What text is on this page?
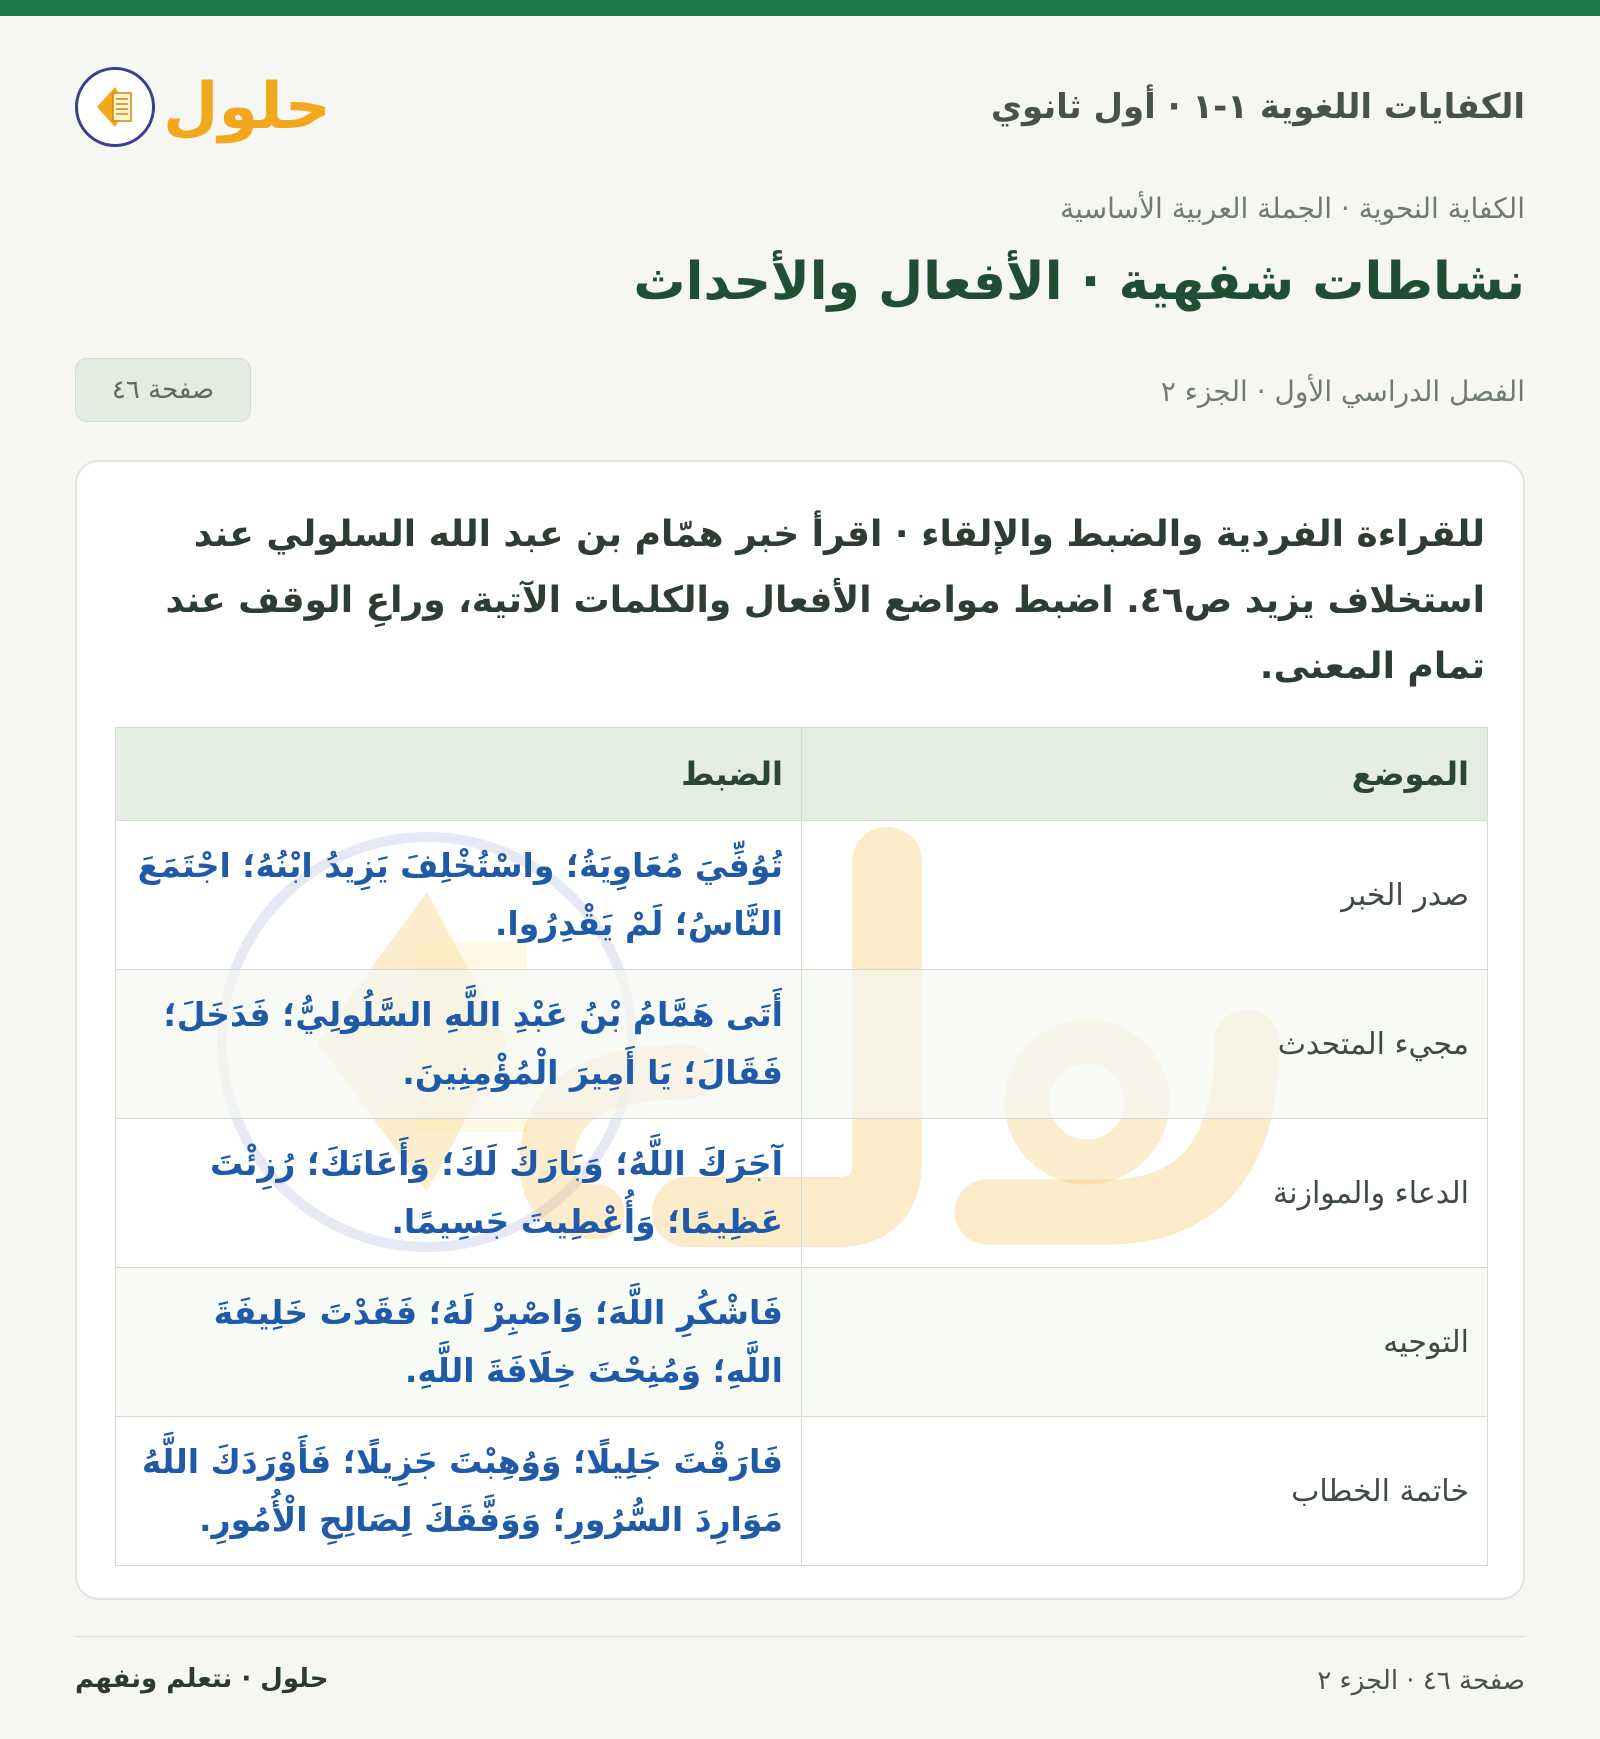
الكفايات اللغوية ١-١ · أول ثانوي
حلول
الكفاية النحوية · الجملة العربية الأساسية
نشاطات شفهية · الأفعال والأحداث
الفصل الدراسي الأول · الجزء ٢
صفحة ٤٦
للقراءة الفردية والضبط والإلقاء · اقرأ خبر همّام بن عبد الله السلولي عند استخلاف يزيد ص٤٦. اضبط مواضع الأفعال والكلمات الآتية، وراعِ الوقف عند تمام المعنى.
الموضع	الضبط
صدر الخبر	تُوُفِّيَ مُعَاوِيَةُ؛ واسْتُخْلِفَ يَزِيدُ ابْنُهُ؛ اجْتَمَعَ النَّاسُ؛ لَمْ يَقْدِرُوا.
مجيء المتحدث	أَتَى هَمَّامُ بْنُ عَبْدِ اللَّهِ السَّلُولِيُّ؛ فَدَخَلَ؛ فَقَالَ؛ يَا أَمِيرَ الْمُؤْمِنِينَ.
الدعاء والموازنة	آجَرَكَ اللَّهُ؛ وَبَارَكَ لَكَ؛ وَأَعَانَكَ؛ رُزِئْتَ عَظِيمًا؛ وَأُعْطِيتَ جَسِيمًا.
التوجيه	فَاشْكُرِ اللَّهَ؛ وَاصْبِرْ لَهُ؛ فَقَدْتَ خَلِيفَةَ اللَّهِ؛ وَمُنِحْتَ خِلَافَةَ اللَّهِ.
خاتمة الخطاب	فَارَقْتَ جَلِيلًا؛ وَوُهِبْتَ جَزِيلًا؛ فَأَوْرَدَكَ اللَّهُ مَوَارِدَ السُّرُورِ؛ وَوَفَّقَكَ لِصَالِحِ الْأُمُورِ.
صفحة ٤٦ · الجزء ٢
حلول · نتعلم ونفهم
